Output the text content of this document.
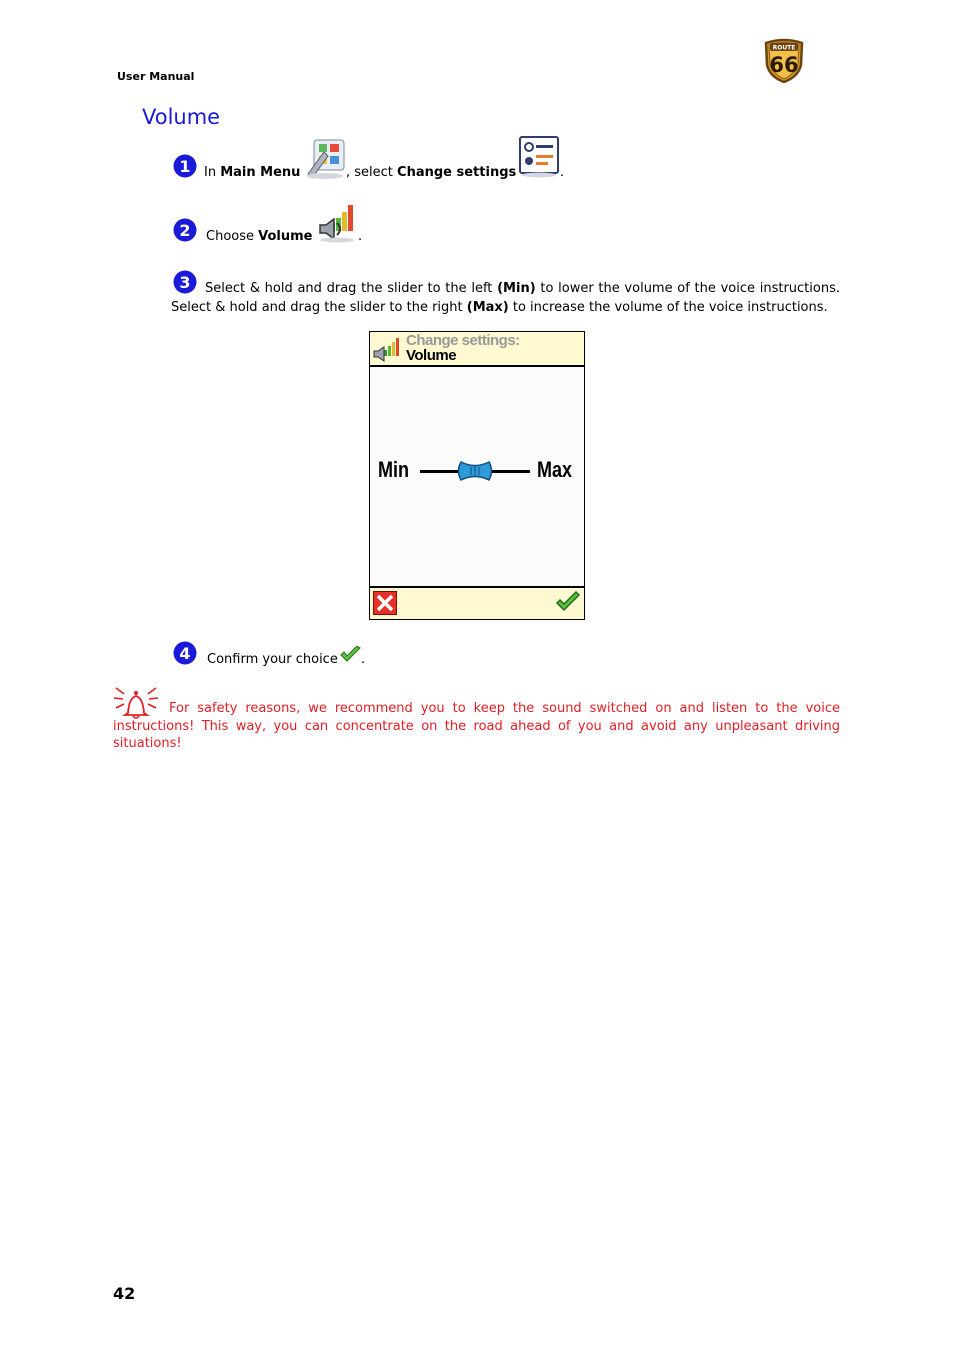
User Manual
ROUTE
66
Volume
1 In Main Menu	, select Change settings	.
2 Choose Volume	.
3	Select & hold and drag the slider to the left (Min) to lower the volume of the voice instructions.
Select & hold and drag the slider to the right (Max) to increase the volume of the voice instructions.
Change settings:
Volume
Min	Max
4 Confirm your choice .
For safety reasons, we recommend you to keep the sound switched on and listen to the voice
instructions! This way, you can concentrate on the road ahead of you and avoid any unpleasant driving
situations!
42
